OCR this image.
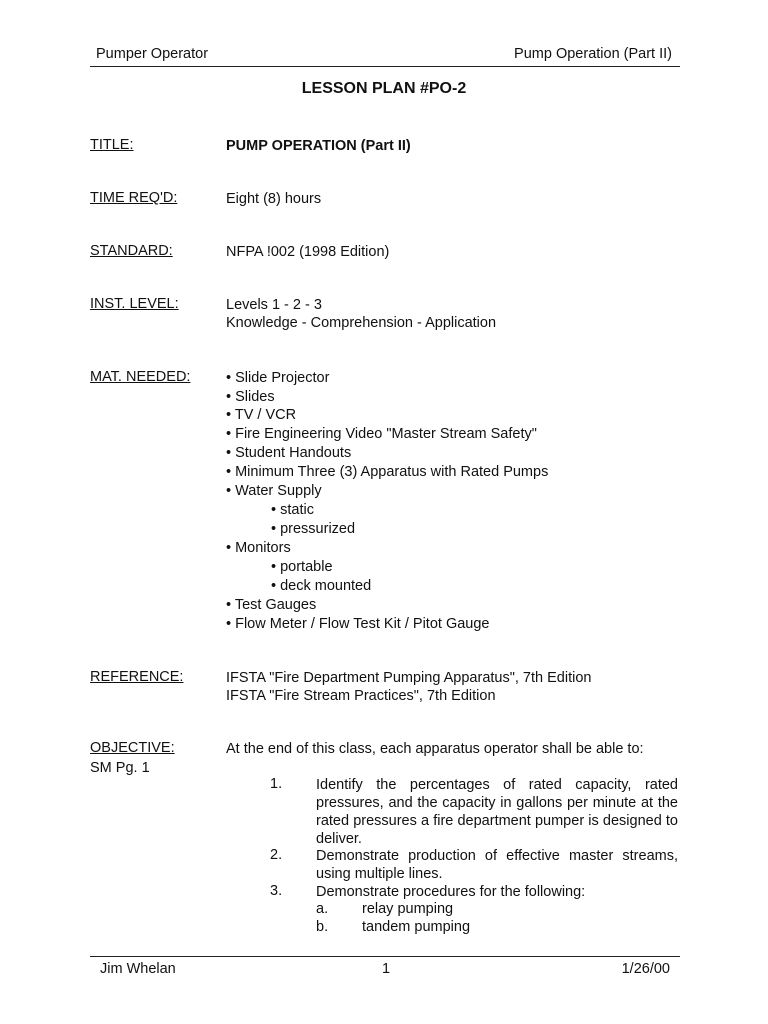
Pumper Operator	Pump Operation (Part II)
LESSON PLAN #PO-2
TITLE:	PUMP OPERATION (Part II)
TIME REQ'D:	Eight (8) hours
STANDARD:	NFPA !002 (1998 Edition)
INST. LEVEL:	Levels 1 - 2 - 3
Knowledge - Comprehension - Application
MAT. NEEDED: • Slide Projector
• Slides
• TV / VCR
• Fire Engineering Video "Master Stream Safety"
• Student Handouts
• Minimum Three (3) Apparatus with Rated Pumps
• Water Supply
• static
• pressurized
• Monitors
• portable
• deck mounted
• Test Gauges
• Flow Meter / Flow Test Kit / Pitot Gauge
REFERENCE:	IFSTA "Fire Department Pumping Apparatus", 7th Edition
IFSTA "Fire Stream Practices", 7th Edition
OBJECTIVE:
SM Pg. 1
At the end of this class, each apparatus operator shall be able to:
1.	Identify the percentages of rated capacity, rated pressures, and the capacity in gallons per minute at the rated pressures a fire department pumper is designed to deliver.
2.	Demonstrate production of effective master streams, using multiple lines.
3.	Demonstrate procedures for the following:
a. relay pumping
b. tandem pumping
Jim Whelan	1	1/26/00
